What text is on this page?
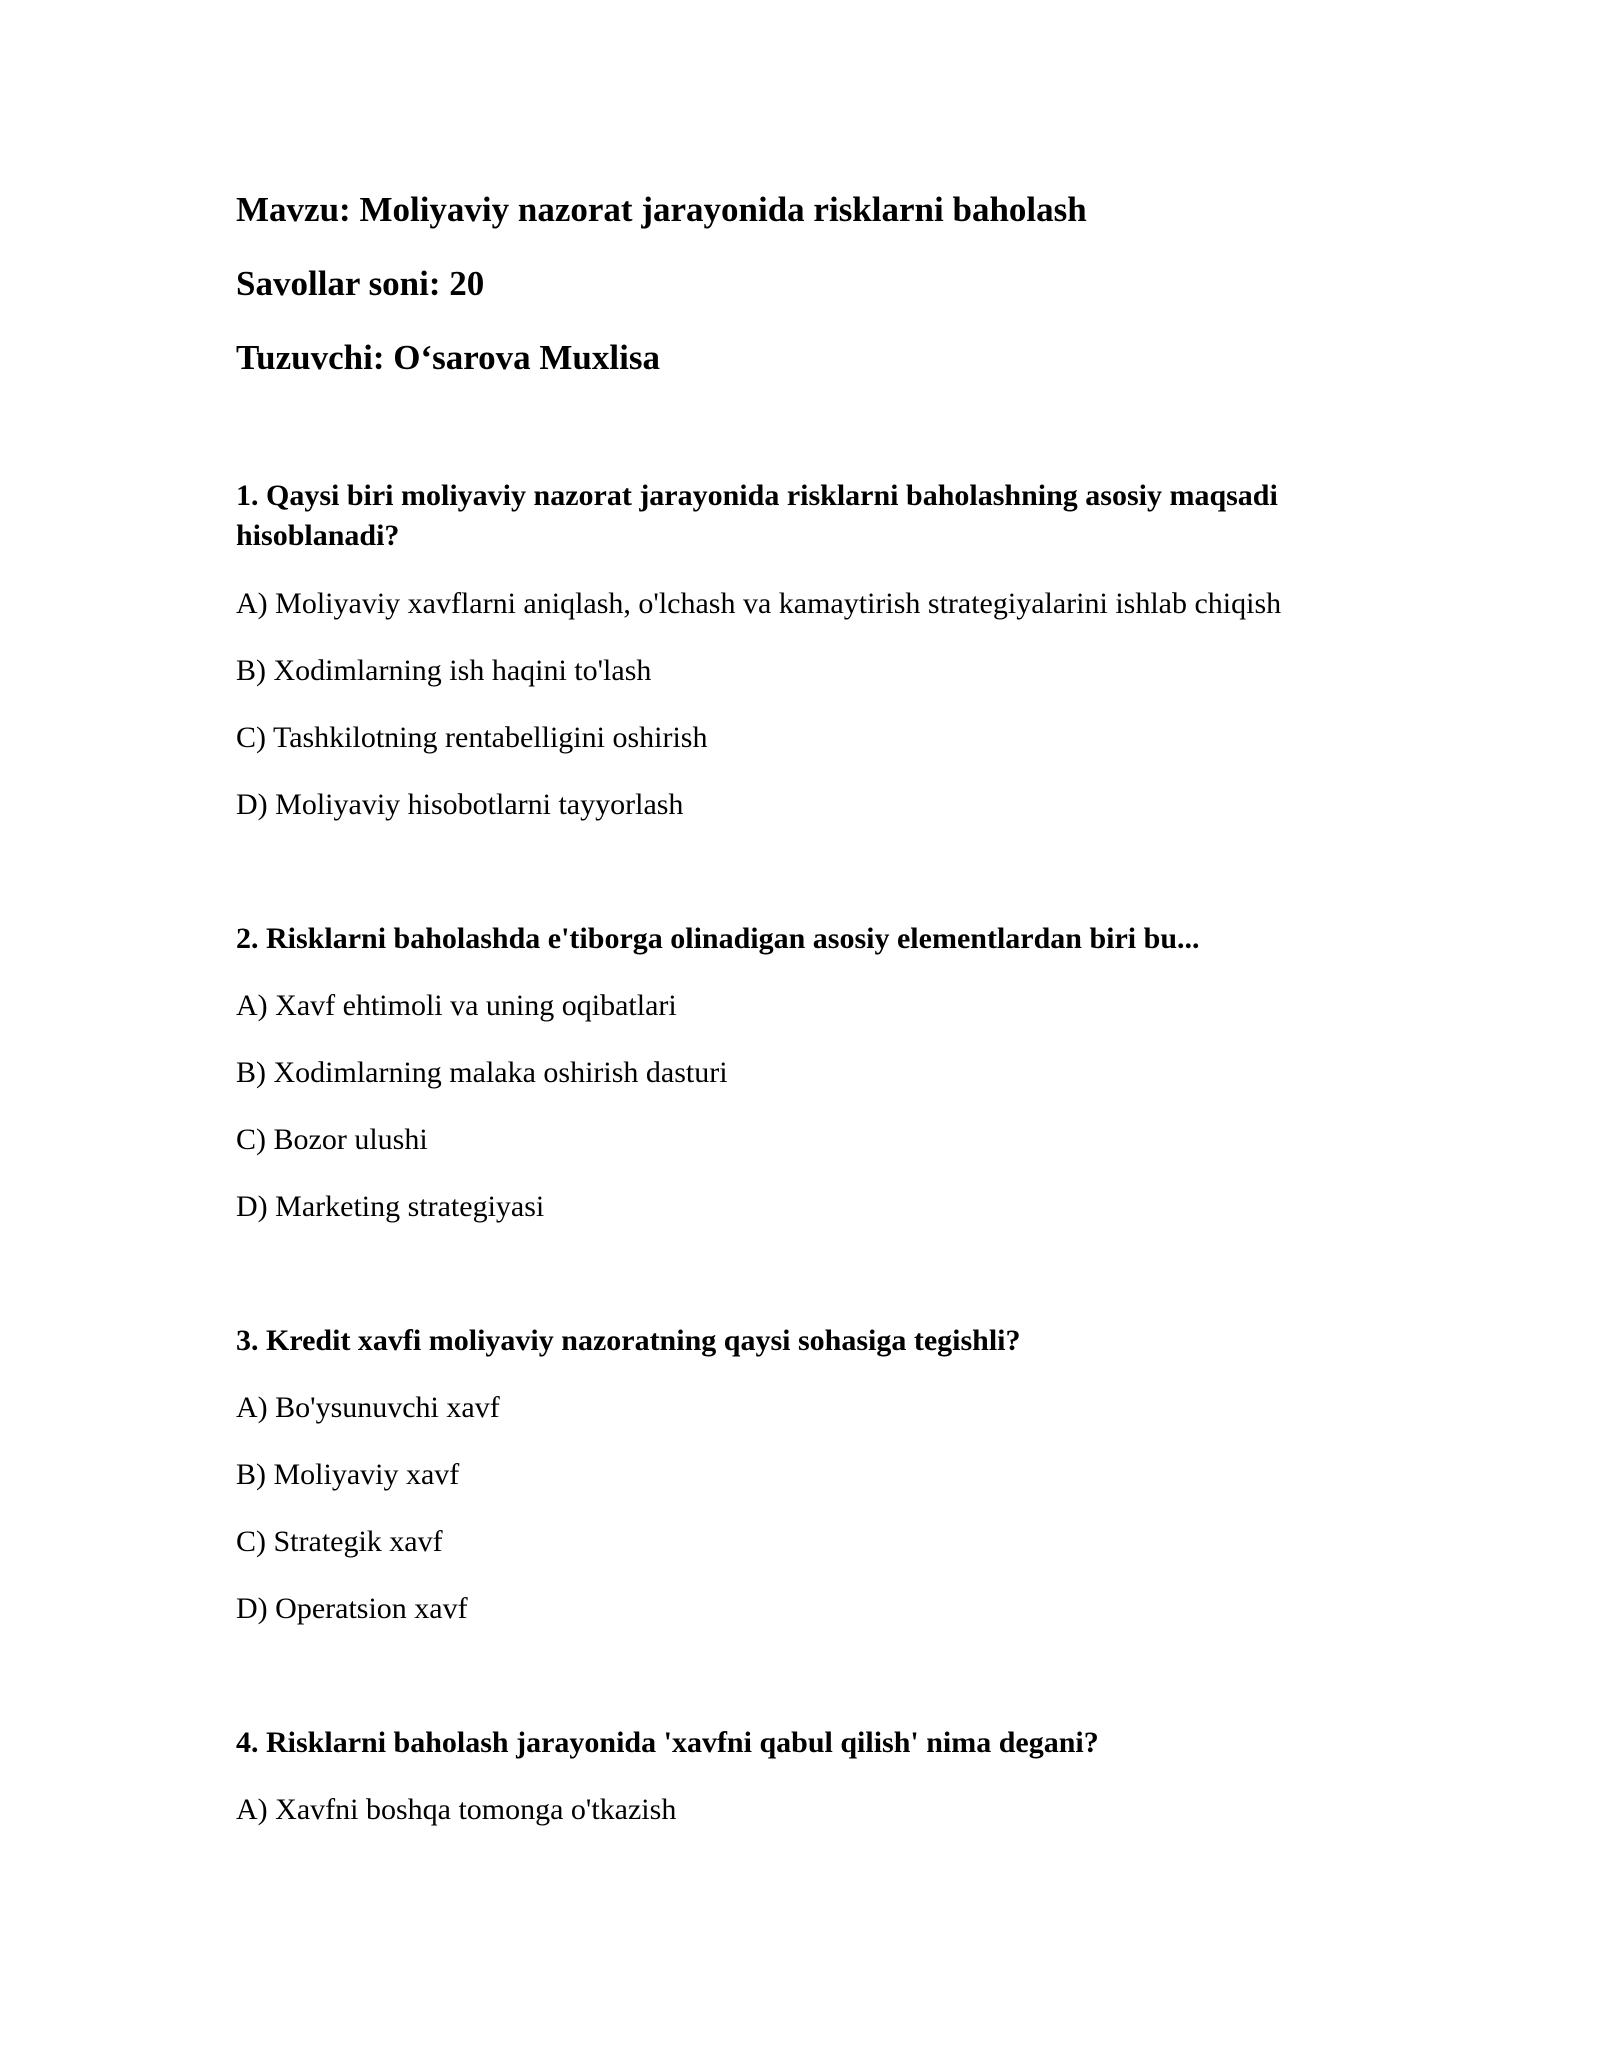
Mavzu: Moliyaviy nazorat jarayonida risklarni baholash
Savollar soni: 20
Tuzuvchi: O‘sarova Muxlisa
1. Qaysi biri moliyaviy nazorat jarayonida risklarni baholashning asosiy maqsadi hisoblanadi?
A) Moliyaviy xavflarni aniqlash, o'lchash va kamaytirish strategiyalarini ishlab chiqish
B) Xodimlarning ish haqini to'lash
C) Tashkilotning rentabelligini oshirish
D) Moliyaviy hisobotlarni tayyorlash
2. Risklarni baholashda e'tiborga olinadigan asosiy elementlardan biri bu...
A) Xavf ehtimoli va uning oqibatlari
B) Xodimlarning malaka oshirish dasturi
C) Bozor ulushi
D) Marketing strategiyasi
3. Kredit xavfi moliyaviy nazoratning qaysi sohasiga tegishli?
A) Bo'ysunuvchi xavf
B) Moliyaviy xavf
C) Strategik xavf
D) Operatsion xavf
4. Risklarni baholash jarayonida 'xavfni qabul qilish' nima degani?
A) Xavfni boshqa tomonga o'tkazish
